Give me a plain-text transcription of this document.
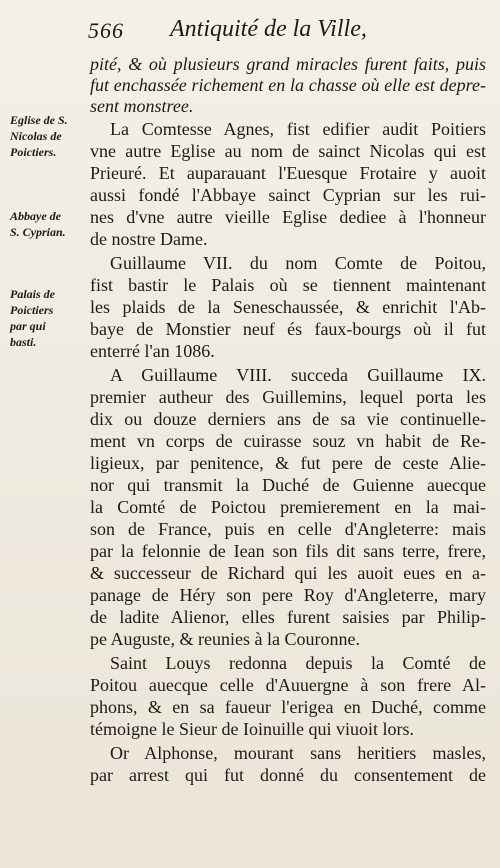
566 Antiquité de la Ville,
Eglise de S.
Nicolas de
Poictiers.
Abbaye de
S. Cyprian.
Palais de
Poictiers
par qui
basti.
pité, & où plusieurs grand miracles furent faits, puis
fut enchassée richement en la chasse où elle est depre-
sent monstree.
La Comtesse Agnes, fist edifier audit Poitiers
vne autre Eglise au nom de sainct Nicolas qui est
Prieuré. Et auparauant l'Euesque Frotaire y auoit
aussi fondé l'Abbaye sainct Cyprian sur les rui-
nes d'vne autre vieille Eglise dediee à l'honneur
de nostre Dame.
Guillaume VII. du nom Comte de Poitou,
fist bastir le Palais où se tiennent maintenant
les plaids de la Seneschaussée, & enrichit l'Ab-
baye de Monstier neuf és faux-bourgs où il fut
enterré l'an 1086.
A Guillaume VIII. succeda Guillaume IX.
premier autheur des Guillemins, lequel porta les
dix ou douze derniers ans de sa vie continuelle-
ment vn corps de cuirasse souz vn habit de Re-
ligieux, par penitence, & fut pere de ceste Alie-
nor qui transmit la Duché de Guienne auecque
la Comté de Poictou premierement en la mai-
son de France, puis en celle d'Angleterre: mais
par la felonnie de Iean son fils dit sans terre, frere,
& successeur de Richard qui les auoit eues en a-
panage de Héry son pere Roy d'Angleterre, mary
de ladite Alienor, elles furent saisies par Philip-
pe Auguste, & reunies à la Couronne.
Saint Louys redonna depuis la Comté de
Poitou auecque celle d'Auuergne à son frere Al-
phons, & en sa faueur l'erigea en Duché, comme
témoigne le Sieur de Ioinuille qui viuoit lors.
Or Alphonse, mourant sans heritiers masles,
par arrest qui fut donné du consentement de
